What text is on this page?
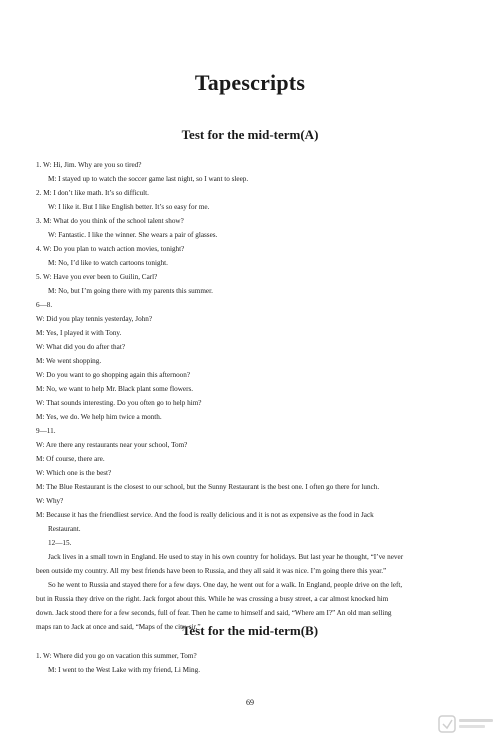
Tapescripts
Test for the mid-term(A)
1. W: Hi, Jim. Why are you so tired?
M: I stayed up to watch the soccer game last night, so I want to sleep.
2. M: I don’t like math. It’s so difficult.
W: I like it. But I like English better. It’s so easy for me.
3. M: What do you think of the school talent show?
W: Fantastic. I like the winner. She wears a pair of glasses.
4. W: Do you plan to watch action movies, tonight?
M: No, I’d like to watch cartoons tonight.
5. W: Have you ever been to Guilin, Carl?
M: No, but I’m going there with my parents this summer.
6—8.
W: Did you play tennis yesterday, John?
M: Yes, I played it with Tony.
W: What did you do after that?
M: We went shopping.
W: Do you want to go shopping again this afternoon?
M: No, we want to help Mr. Black plant some flowers.
W: That sounds interesting. Do you often go to help him?
M: Yes, we do. We help him twice a month.
9—11.
W: Are there any restaurants near your school, Tom?
M: Of course, there are.
W: Which one is the best?
M: The Blue Restaurant is the closest to our school, but the Sunny Restaurant is the best one. I often go there for lunch.
W: Why?
M: Because it has the friendliest service. And the food is really delicious and it is not as expensive as the food in Jack
Restaurant.
12—15.
Jack lives in a small town in England. He used to stay in his own country for holidays. But last year he thought, “I’ve never
been outside my country. All my best friends have been to Russia, and they all said it was nice. I’m going there this year.”
So he went to Russia and stayed there for a few days. One day, he went out for a walk. In England, people drive on the left,
but in Russia they drive on the right. Jack forgot about this. While he was crossing a busy street, a car almost knocked him
down. Jack stood there for a few seconds, full of fear. Then he came to himself and said, “Where am I?” An old man selling
maps ran to Jack at once and said, “Maps of the city, sir.”
Test for the mid-term(B)
1. W: Where did you go on vacation this summer, Tom?
M: I went to the West Lake with my friend, Li Ming.
69
